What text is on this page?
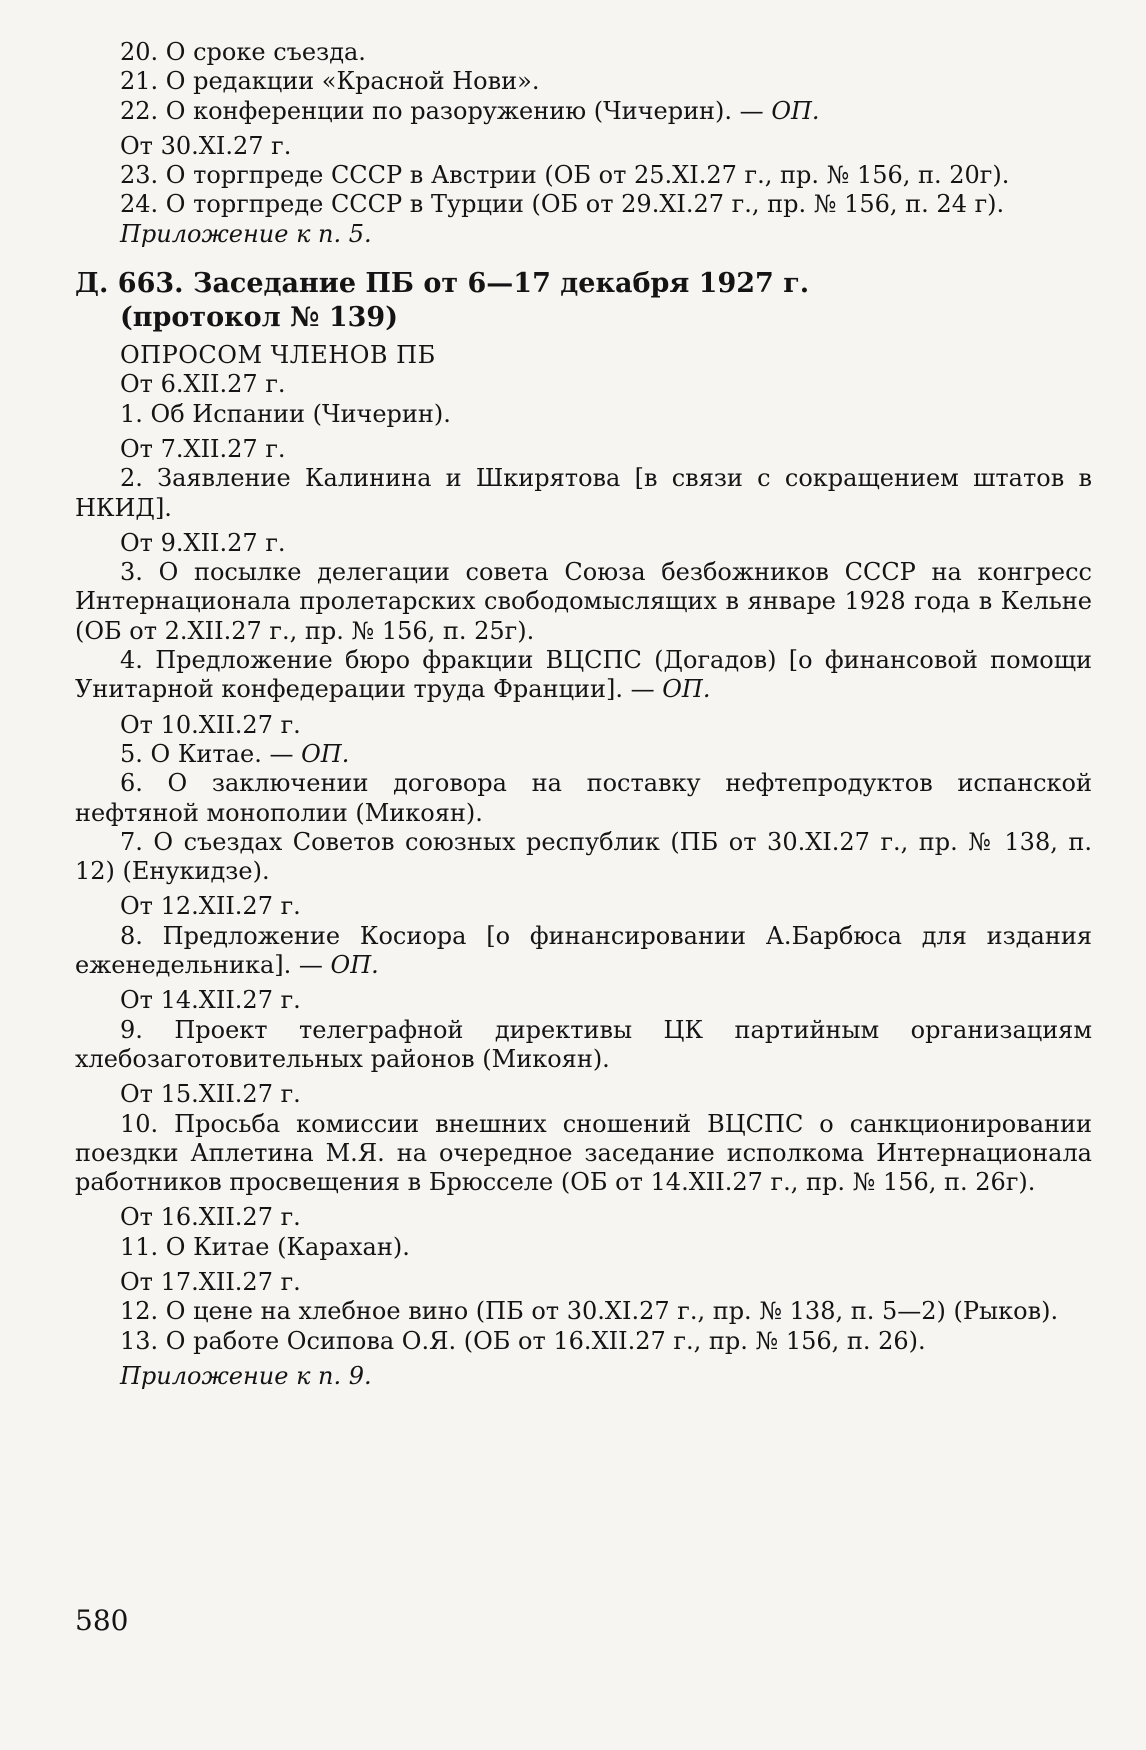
20. О сроке съезда.

21. О редакции «Красной Нови».

22. О конференции по разоружению (Чичерин). — ОП.

От 30.XI.27 г.

23. О торгпреде СССР в Австрии (ОБ от 25.XI.27 г., пр. № 156, п. 20г).

24. О торгпреде СССР в Турции (ОБ от 29.XI.27 г., пр. № 156, п. 24 г).

Приложение к п. 5.

Д. 663. Заседание ПБ от 6—17 декабря 1927 г.

(протокол № 139)

ОПРОСОМ ЧЛЕНОВ ПБ

От 6.XII.27 г.

1. Об Испании (Чичерин).

От 7.XII.27 г.

2. Заявление Калинина и Шкирятова [в связи с сокращением штатов в НКИД].

От 9.XII.27 г.

3. О посылке делегации совета Союза безбожников СССР на конгресс Интернационала пролетарских свободомыслящих в январе 1928 года в Кельне (ОБ от 2.XII.27 г., пр. № 156, п. 25г).

4. Предложение бюро фракции ВЦСПС (Догадов) [о финансовой помощи Унитарной конфедерации труда Франции]. — ОП.

От 10.XII.27 г.

5. О Китае. — ОП.

6. О заключении договора на поставку нефтепродуктов испанской нефтяной монополии (Микоян).

7. О съездах Советов союзных республик (ПБ от 30.XI.27 г., пр. № 138, п. 12) (Енукидзе).

От 12.XII.27 г.

8. Предложение Косиора [о финансировании А.Барбюса для издания еженедельника]. — ОП.

От 14.XII.27 г.

9. Проект телеграфной директивы ЦК партийным организациям хлебозаготовительных районов (Микоян).

От 15.XII.27 г.

10. Просьба комиссии внешних сношений ВЦСПС о санкционировании поездки Аплетина М.Я. на очередное заседание исполкома Интернационала работников просвещения в Брюсселе (ОБ от 14.XII.27 г., пр. № 156, п. 26г).

От 16.XII.27 г.

11. О Китае (Карахан).

От 17.XII.27 г.

12. О цене на хлебное вино (ПБ от 30.XI.27 г., пр. № 138, п. 5—2) (Рыков).

13. О работе Осипова О.Я. (ОБ от 16.XII.27 г., пр. № 156, п. 26).

Приложение к п. 9.

580
